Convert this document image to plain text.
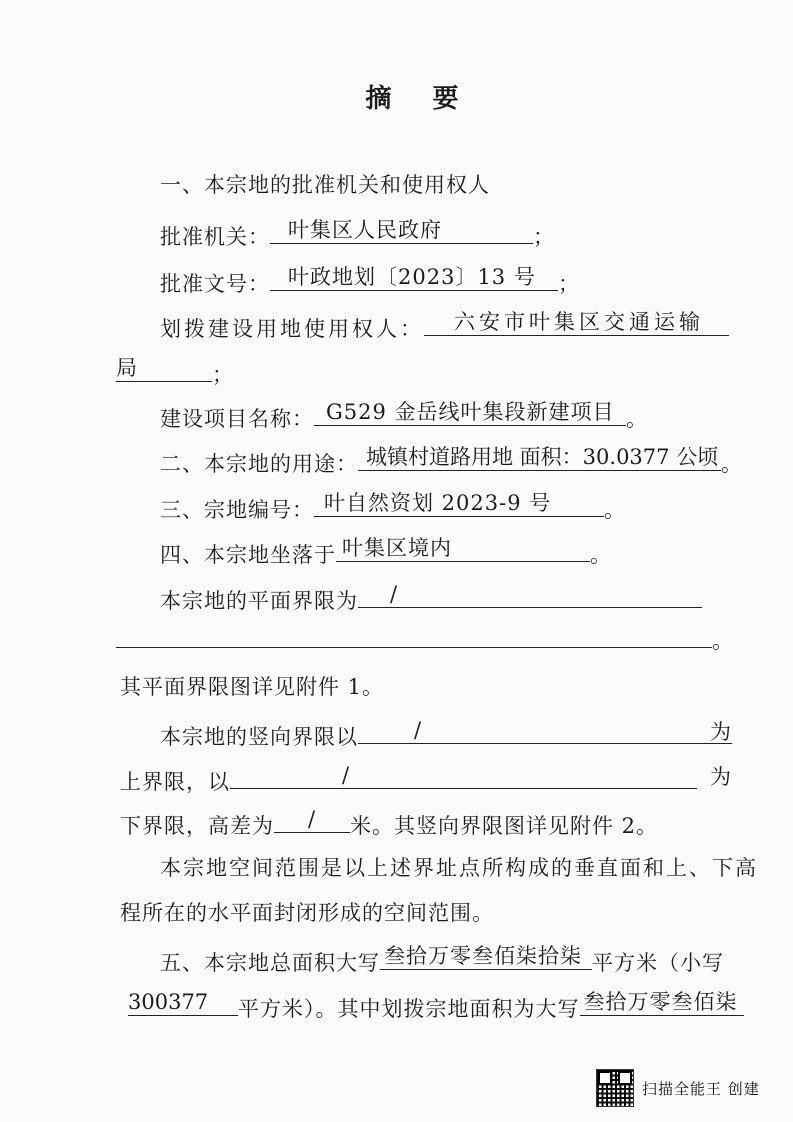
摘 要
一、本宗地的批准机关和使用权人
批准机关： 叶集区人民政府	；
批准文号： 叶政地划〔2023〕13 号 ；
划拨建设用地使用权人： 六安市叶集区交通运输
局	；
建设项目名称： G529 金岳线叶集段新建项目 。
二、本宗地的用途： 城镇村道路用地 面积：30.0377 公顷 。
三、宗地编号： 叶自然资划 2023-9 号	。
四、本宗地坐落于 叶集区境内	。
本宗地的平面界限为 /
。
其平面界限图详见附件 1。
本宗地的竖向界限以	/	为
上界限，以	/	为
下界限，高差为 / 米。其竖向界限图详见附件 2。
本宗地空间范围是以上述界址点所构成的垂直面和上、下高
程所在的水平面封闭形成的空间范围。
五、本宗地总面积大写 叁拾万零叁佰柒拾柒 平方米（小写
300377 平方米）。其中划拨宗地面积为大写 叁拾万零叁佰柒
扫描全能王 创建
